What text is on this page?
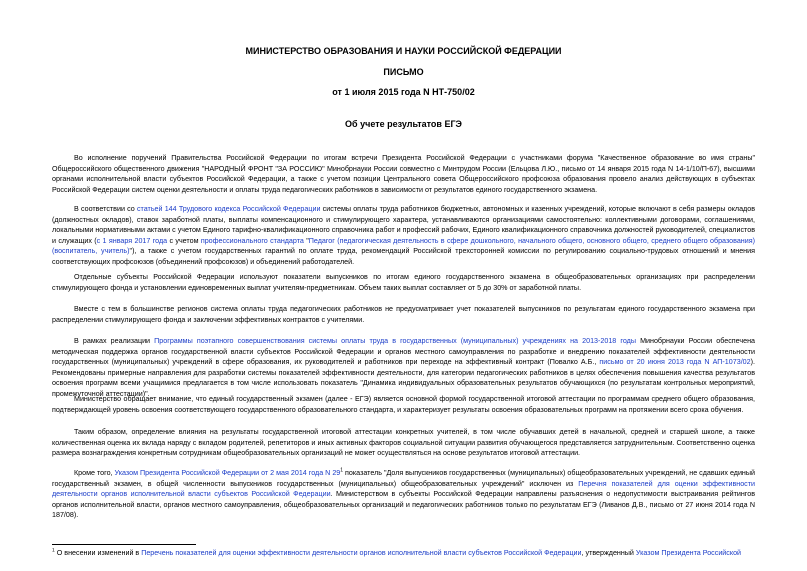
МИНИСТЕРСТВО ОБРАЗОВАНИЯ И НАУКИ РОССИЙСКОЙ ФЕДЕРАЦИИ
ПИСЬМО
от 1 июля 2015 года N НТ-750/02
Об учете результатов ЕГЭ

Во исполнение поручений Правительства Российской Федерации по итогам встречи Президента Российской Федерации с участниками форума "Качественное образование во имя страны" Общероссийского общественного движения "НАРОДНЫЙ ФРОНТ "ЗА РОССИЮ" Минобрнауки России совместно с Минтрудом России (Ельцова Л.Ю., письмо от 14 января 2015 года N 14-1/10/П-67), высшими органами исполнительной власти субъектов Российской Федерации, а также с учетом позиции Центрального совета Общероссийского профсоюза образования провело анализ действующих в субъектах Российской Федерации систем оценки деятельности и оплаты труда педагогических работников в зависимости от результатов единого государственного экзамена.

В соответствии со статьей 144 Трудового кодекса Российской Федерации системы оплаты труда работников бюджетных, автономных и казенных учреждений, которые включают в себя размеры окладов (должностных окладов), ставок заработной платы, выплаты компенсационного и стимулирующего характера, устанавливаются организациями самостоятельно: коллективными договорами, соглашениями, локальными нормативными актами с учетом Единого тарифно-квалификационного справочника работ и профессий рабочих, Единого квалификационного справочника должностей руководителей, специалистов и служащих (с 1 января 2017 года с учетом профессионального стандарта "Педагог (педагогическая деятельность в сфере дошкольного, начального общего, основного общего, среднего общего образования) (воспитатель, учитель)"), а также с учетом государственных гарантий по оплате труда, рекомендаций Российской трехсторонней комиссии по регулированию социально-трудовых отношений и мнения соответствующих профсоюзов (объединений профсоюзов) и объединений работодателей.

Отдельные субъекты Российской Федерации используют показатели выпускников по итогам единого государственного экзамена в общеобразовательных организациях при распределении стимулирующего фонда и установлении единовременных выплат учителям-предметникам. Объем таких выплат составляет от 5 до 30% от заработной платы.

Вместе с тем в большинстве регионов система оплаты труда педагогических работников не предусматривает учет показателей выпускников по результатам единого государственного экзамена при распределении стимулирующего фонда и заключении эффективных контрактов с учителями.

В рамках реализации Программы поэтапного совершенствования системы оплаты труда в государственных (муниципальных) учреждениях на 2013-2018 годы Минобрнауки России обеспечена методическая поддержка органов государственной власти субъектов Российской Федерации и органов местного самоуправления по разработке и внедрению показателей эффективности деятельности государственных (муниципальных) учреждений в сфере образования, их руководителей и работников при переходе на эффективный контракт (Повалко А.Б., письмо от 20 июня 2013 года N АП-1073/02). Рекомендованы примерные направления для разработки системы показателей эффективности деятельности, для категории педагогических работников в целях обеспечения повышения качества результатов освоения программ всеми учащимися предлагается в том числе использовать показатель "Динамика индивидуальных образовательных результатов обучающихся (по результатам контрольных мероприятий, промежуточной аттестации)".

Министерство обращает внимание, что единый государственный экзамен (далее - ЕГЭ) является основной формой государственной итоговой аттестации по программам среднего общего образования, подтверждающей уровень освоения соответствующего государственного образовательного стандарта, и характеризует результаты освоения образовательных программ на протяжении всего срока обучения.

Таким образом, определение влияния на результаты государственной итоговой аттестации конкретных учителей, в том числе обучавших детей в начальной, средней и старшей школе, а также количественная оценка их вклада наряду с вкладом родителей, репетиторов и иных активных факторов социальной ситуации развития обучающегося представляется затруднительным. Соответственно оценка размера вознаграждения конкретным сотрудникам общеобразовательных организаций не может осуществляться на основе результатов итоговой аттестации.

Кроме того, Указом Президента Российской Федерации от 2 мая 2014 года N $29^1$ показатель "Доля выпускников государственных (муниципальных) общеобразовательных учреждений, не сдавших единый государственный экзамен, в общей численности выпускников государственных (муниципальных) общеобразовательных учреждений" исключен из Перечня показателей для оценки эффективности деятельности органов исполнительной власти субъектов Российской Федерации. Министерством в субъекты Российской Федерации направлены разъяснения о недопустимости выстраивания рейтингов органов исполнительной власти, органов местного самоуправления, общеобразовательных организаций и педагогических работников только по результатам ЕГЭ (Ливанов Д.В., письмо от 27 июня 2014 года N 187/08).

$^1$ О внесении изменений в Перечень показателей для оценки эффективности деятельности органов исполнительной власти субъектов Российской Федерации, утвержденный Указом Президента Российской
